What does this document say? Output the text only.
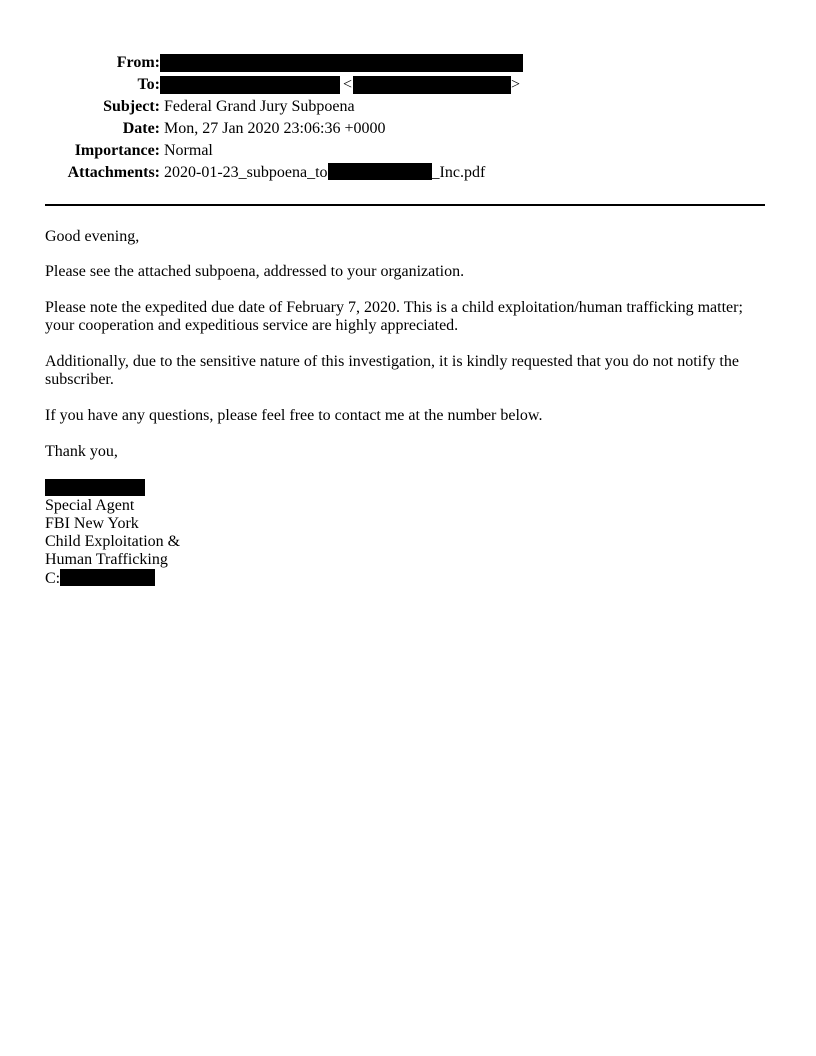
From:
To:	<	>
Subject: Federal Grand Jury Subpoena
Date: Mon, 27 Jan 2020 23:06:36 +0000
Importance: Normal
Attachments: 2020-01-23_subpoena_to	_Inc.pdf

Good evening,

Please see the attached subpoena, addressed to your organization.

Please note the expedited due date of February 7, 2020. This is a child exploitation/human trafficking matter; your cooperation and expeditious service are highly appreciated.

Additionally, due to the sensitive nature of this investigation, it is kindly requested that you do not notify the subscriber.

If you have any questions, please feel free to contact me at the number below.

Thank you,

Special Agent
FBI New York
Child Exploitation &
Human Trafficking
C:
